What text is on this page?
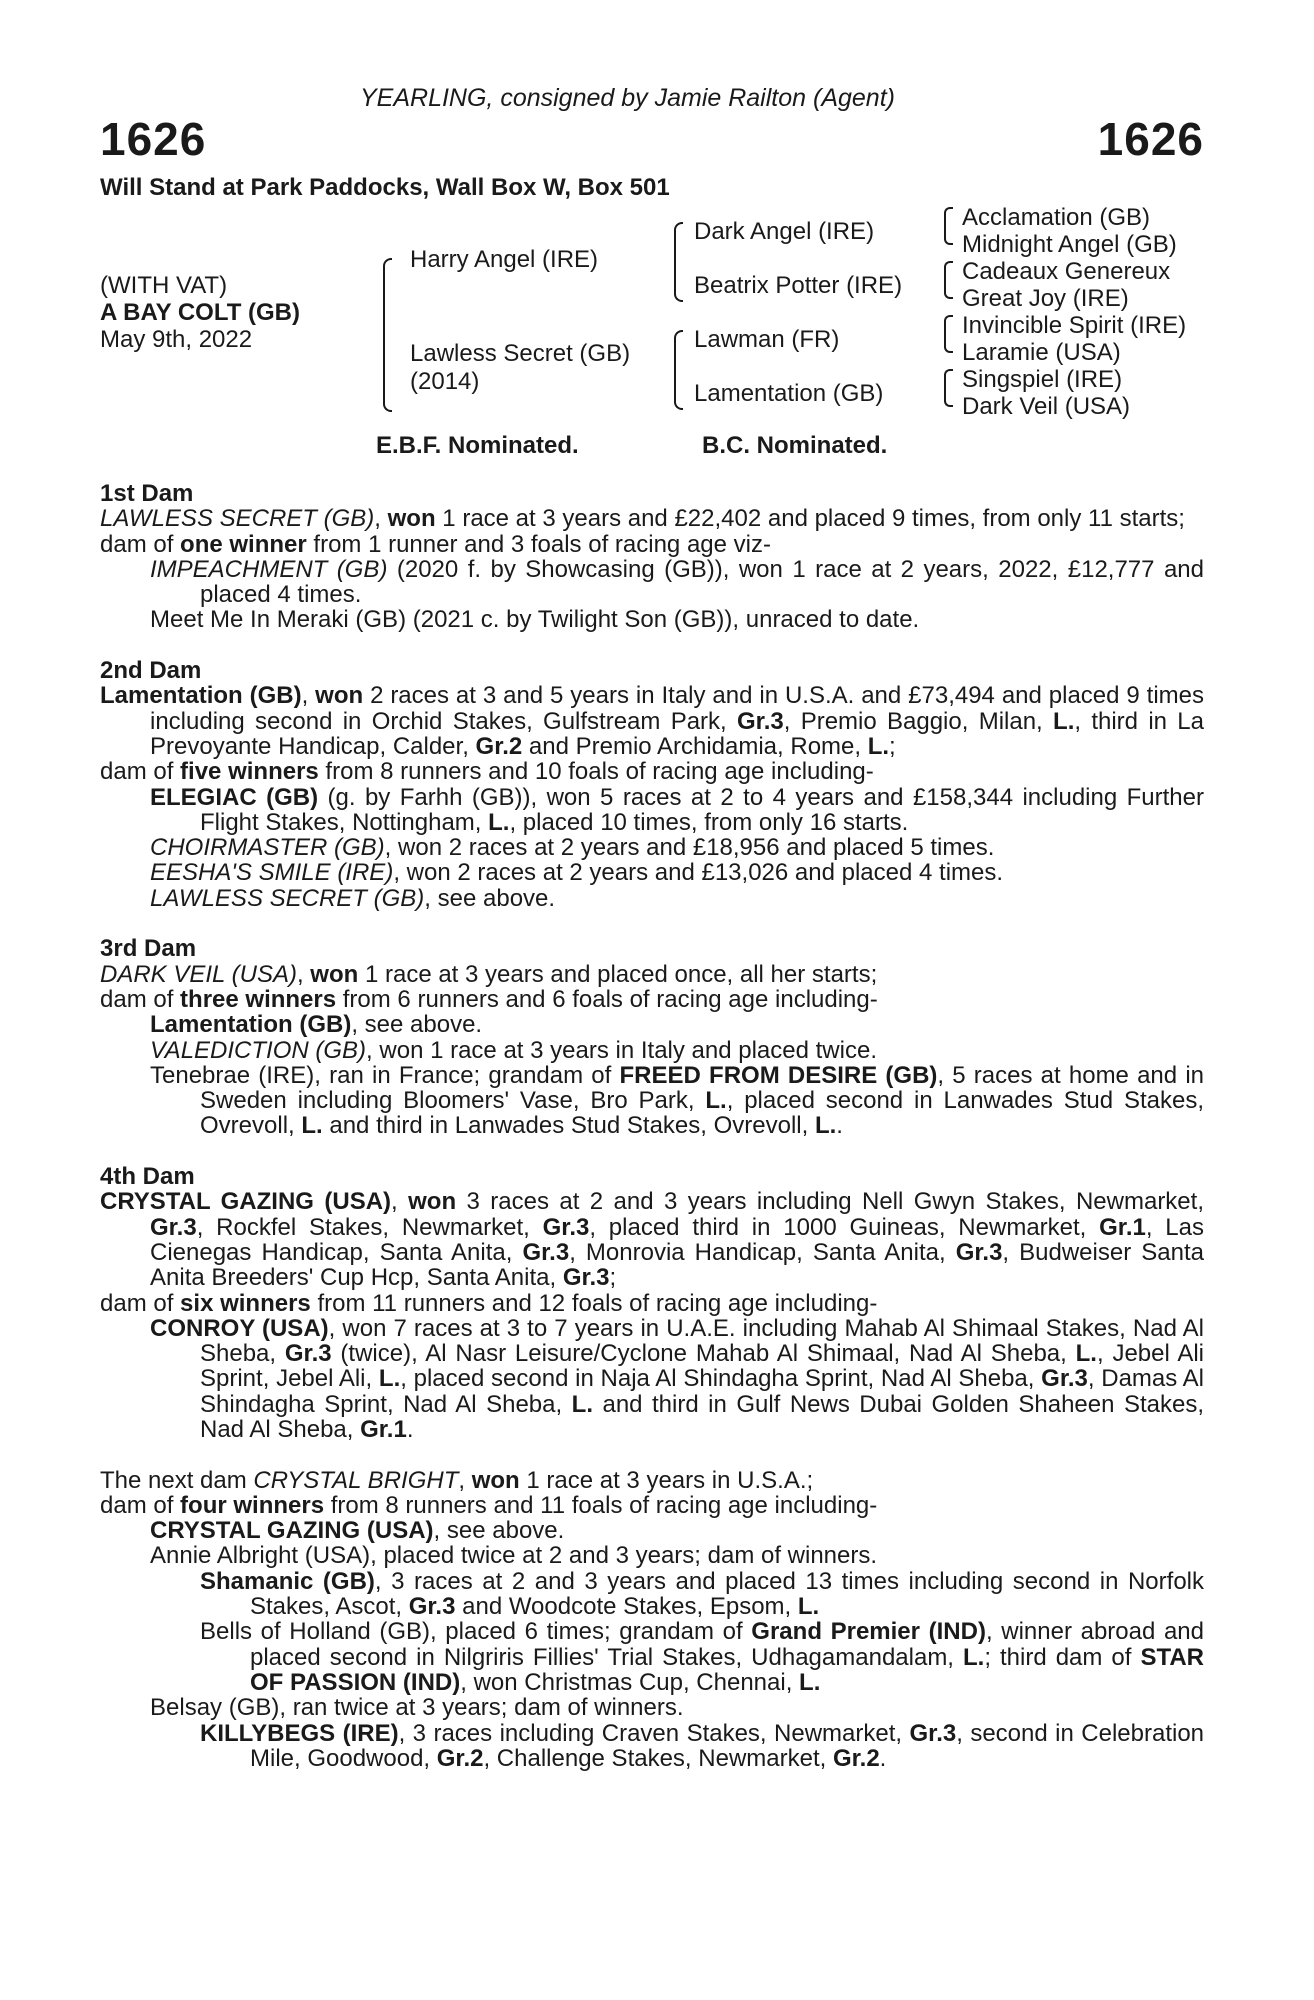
YEARLING, consigned by Jamie Railton (Agent)
1626	1626
Will Stand at Park Paddocks, Wall Box W, Box 501
(WITH VAT)
A BAY COLT (GB)
May 9th, 2022
Harry Angel (IRE)
Lawless Secret (GB)
(2014)
Dark Angel (IRE)
Beatrix Potter (IRE)
Lawman (FR)
Lamentation (GB)
Acclamation (GB)
Midnight Angel (GB)
Cadeaux Genereux
Great Joy (IRE)
Invincible Spirit (IRE)
Laramie (USA)
Singspiel (IRE)
Dark Veil (USA)
E.B.F. Nominated.	B.C. Nominated.
1st Dam

LAWLESS SECRET (GB), won 1 race at 3 years and £22,402 and placed 9 times, from only 11 starts;

dam of one winner from 1 runner and 3 foals of racing age viz-

IMPEACHMENT (GB) (2020 f. by Showcasing (GB)), won 1 race at 2 years, 2022, £12,777 and placed 4 times.

Meet Me In Meraki (GB) (2021 c. by Twilight Son (GB)), unraced to date.

2nd Dam

Lamentation (GB), won 2 races at 3 and 5 years in Italy and in U.S.A. and £73,494 and placed 9 times including second in Orchid Stakes, Gulfstream Park, Gr.3, Premio Baggio, Milan, L., third in La Prevoyante Handicap, Calder, Gr.2 and Premio Archidamia, Rome, L.;

dam of five winners from 8 runners and 10 foals of racing age including-

ELEGIAC (GB) (g. by Farhh (GB)), won 5 races at 2 to 4 years and £158,344 including Further Flight Stakes, Nottingham, L., placed 10 times, from only 16 starts.

CHOIRMASTER (GB), won 2 races at 2 years and £18,956 and placed 5 times.

EESHA'S SMILE (IRE), won 2 races at 2 years and £13,026 and placed 4 times.

LAWLESS SECRET (GB), see above.

3rd Dam

DARK VEIL (USA), won 1 race at 3 years and placed once, all her starts;

dam of three winners from 6 runners and 6 foals of racing age including-

Lamentation (GB), see above.

VALEDICTION (GB), won 1 race at 3 years in Italy and placed twice.

Tenebrae (IRE), ran in France; grandam of FREED FROM DESIRE (GB), 5 races at home and in Sweden including Bloomers' Vase, Bro Park, L., placed second in Lanwades Stud Stakes, Ovrevoll, L. and third in Lanwades Stud Stakes, Ovrevoll, L..

4th Dam

CRYSTAL GAZING (USA), won 3 races at 2 and 3 years including Nell Gwyn Stakes, Newmarket, Gr.3, Rockfel Stakes, Newmarket, Gr.3, placed third in 1000 Guineas, Newmarket, Gr.1, Las Cienegas Handicap, Santa Anita, Gr.3, Monrovia Handicap, Santa Anita, Gr.3, Budweiser Santa Anita Breeders' Cup Hcp, Santa Anita, Gr.3;

dam of six winners from 11 runners and 12 foals of racing age including-

CONROY (USA), won 7 races at 3 to 7 years in U.A.E. including Mahab Al Shimaal Stakes, Nad Al Sheba, Gr.3 (twice), Al Nasr Leisure/Cyclone Mahab Al Shimaal, Nad Al Sheba, L., Jebel Ali Sprint, Jebel Ali, L., placed second in Naja Al Shindagha Sprint, Nad Al Sheba, Gr.3, Damas Al Shindagha Sprint, Nad Al Sheba, L. and third in Gulf News Dubai Golden Shaheen Stakes, Nad Al Sheba, Gr.1.

The next dam CRYSTAL BRIGHT, won 1 race at 3 years in U.S.A.;

dam of four winners from 8 runners and 11 foals of racing age including-

CRYSTAL GAZING (USA), see above.

Annie Albright (USA), placed twice at 2 and 3 years; dam of winners.

Shamanic (GB), 3 races at 2 and 3 years and placed 13 times including second in Norfolk Stakes, Ascot, Gr.3 and Woodcote Stakes, Epsom, L.

Bells of Holland (GB), placed 6 times; grandam of Grand Premier (IND), winner abroad and placed second in Nilgriris Fillies' Trial Stakes, Udhagamandalam, L.; third dam of STAR OF PASSION (IND), won Christmas Cup, Chennai, L.

Belsay (GB), ran twice at 3 years; dam of winners.

KILLYBEGS (IRE), 3 races including Craven Stakes, Newmarket, Gr.3, second in Celebration Mile, Goodwood, Gr.2, Challenge Stakes, Newmarket, Gr.2.
